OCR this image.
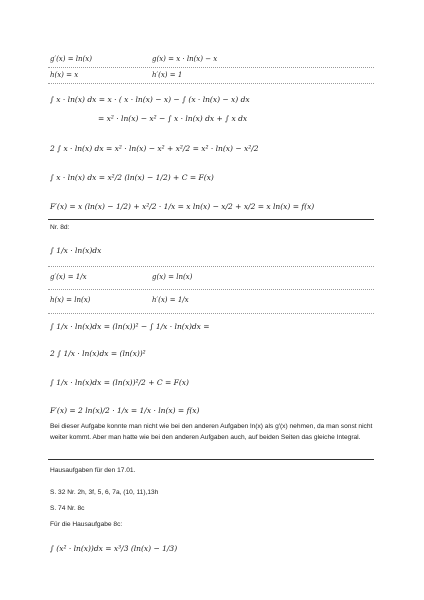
g′(x) = ln(x)	g(x) = x · ln(x) − x
h(x) = x	h′(x) = 1
∫ x · ln(x) dx = x · ( x · ln(x) − x) − ∫ (x · ln(x) − x) dx
= x² · ln(x) − x² − ∫ x · ln(x) dx + ∫ x dx
2 ∫ x · ln(x) dx = x² · ln(x) − x² + x²/2 = x² · ln(x) − x²/2
∫ x · ln(x) dx = x²/2 (ln(x) − 1/2) + C = F(x)
F′(x) = x (ln(x) − 1/2) + x²/2 · 1/x = x ln(x) − x/2 + x/2 = x ln(x) = f(x)
Nr. 8d:
∫ 1/x · ln(x)dx
g′(x) = 1/x	g(x) = ln(x)
h(x) = ln(x)	h′(x) = 1/x
∫ 1/x · ln(x)dx = (ln(x))² − ∫ 1/x · ln(x)dx =
2 ∫ 1/x · ln(x)dx = (ln(x))²
∫ 1/x · ln(x)dx = (ln(x))²/2 + C = F(x)
F′(x) = 2 ln(x)/2 · 1/x = 1/x · ln(x) = f(x)
Bei dieser Aufgabe konnte man nicht wie bei den anderen Aufgaben ln(x) als g′(x) nehmen, da man sonst nicht weiter kommt. Aber man hatte wie bei den anderen Aufgaben auch, auf beiden Seiten das gleiche Integral.
Hausaufgaben für den 17.01.
S. 32 Nr. 2h, 3f, 5, 6, 7a, (10, 11),13h
S. 74 Nr. 8c
Für die Hausaufgabe 8c:
∫ (x² · ln(x))dx = x³/3 (ln(x) − 1/3)
